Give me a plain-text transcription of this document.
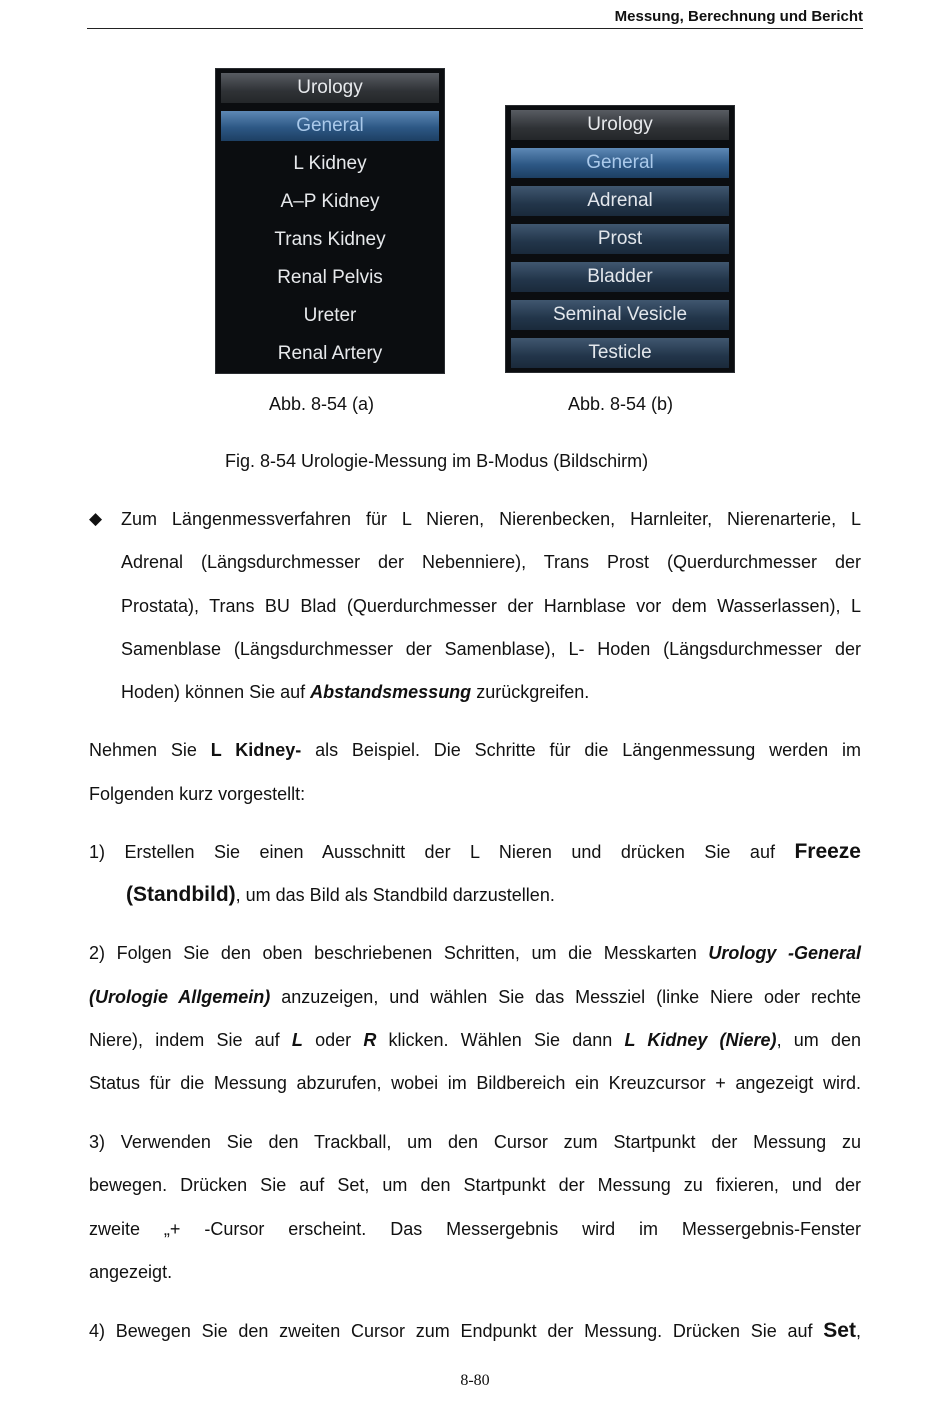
Messung, Berechnung und Bericht
Urology
General
L Kidney
A–P Kidney
Trans Kidney
Renal Pelvis
Ureter
Renal Artery
Urology
General
Adrenal
Prost
Bladder
Seminal Vesicle
Testicle
Abb. 8-54 (a)	Abb. 8-54 (b)
Fig. 8-54 Urologie-Messung im B-Modus (Bildschirm)
◆ Zum Längenmessverfahren für L Nieren, Nierenbecken, Harnleiter, Nierenarterie, L
Adrenal (Längsdurchmesser der Nebenniere), Trans Prost (Querdurchmesser der
Prostata), Trans BU Blad (Querdurchmesser der Harnblase vor dem Wasserlassen), L
Samenblase (Längsdurchmesser der Samenblase), L- Hoden (Längsdurchmesser der
Hoden) können Sie auf Abstandsmessung zurückgreifen.
Nehmen Sie L Kidney- als Beispiel. Die Schritte für die Längenmessung werden im
Folgenden kurz vorgestellt:
1) Erstellen Sie einen Ausschnitt der L Nieren und drücken Sie auf Freeze
(Standbild), um das Bild als Standbild darzustellen.
2) Folgen Sie den oben beschriebenen Schritten, um die Messkarten Urology -General
(Urologie Allgemein) anzuzeigen, und wählen Sie das Messziel (linke Niere oder rechte
Niere), indem Sie auf L oder R klicken. Wählen Sie dann L Kidney (Niere), um den
Status für die Messung abzurufen, wobei im Bildbereich ein Kreuzcursor + angezeigt wird.
3) Verwenden Sie den Trackball, um den Cursor zum Startpunkt der Messung zu
bewegen. Drücken Sie auf Set, um den Startpunkt der Messung zu fixieren, und der
zweite „+ -Cursor erscheint. Das Messergebnis wird im Messergebnis-Fenster
angezeigt.
4) Bewegen Sie den zweiten Cursor zum Endpunkt der Messung. Drücken Sie auf Set,
8-80
